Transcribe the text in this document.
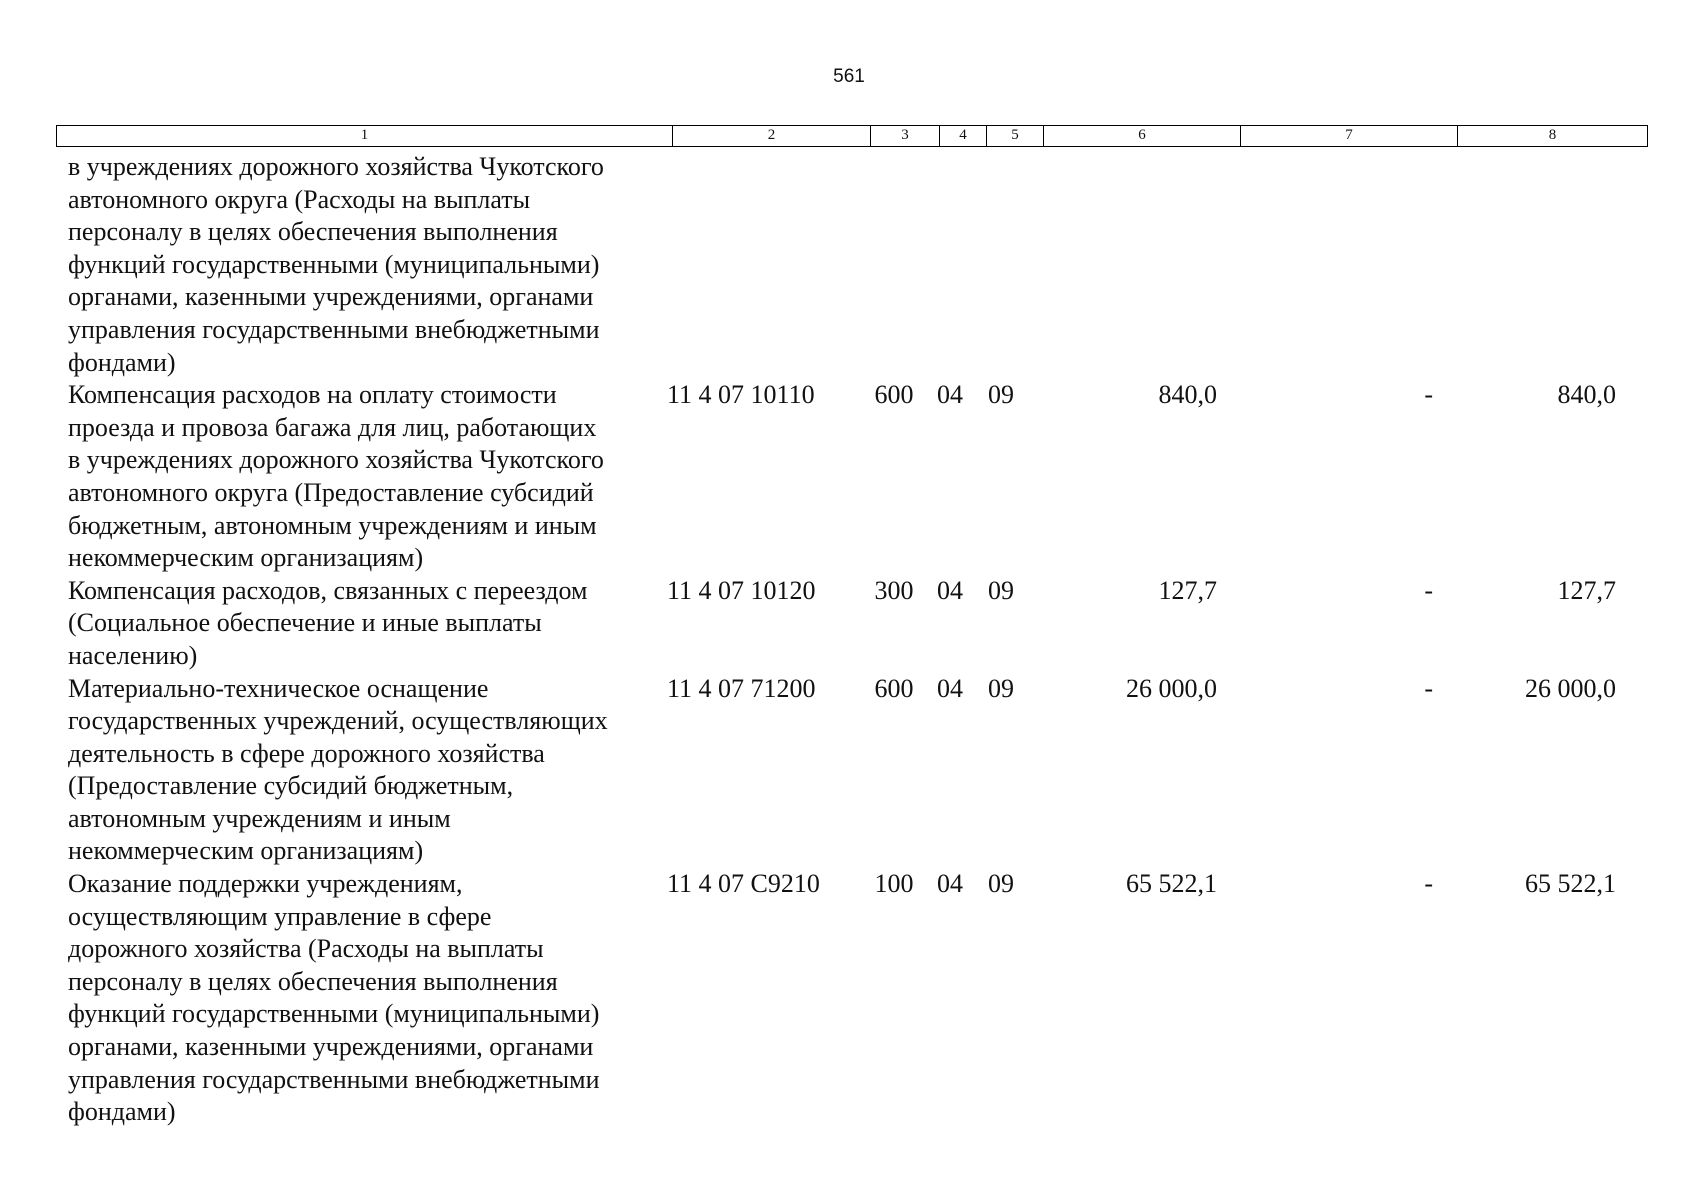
561
1	2	3	4	5	6	7	8
в учреждениях дорожного хозяйства Чукотского
автономного округа (Расходы на выплаты
персоналу в целях обеспечения выполнения
функций государственными (муниципальными)
органами, казенными учреждениями, органами
управления государственными внебюджетными
фондами)
Компенсация расходов на оплату стоимости
проезда и провоза багажа для лиц, работающих
в учреждениях дорожного хозяйства Чукотского
автономного округа (Предоставление субсидий
бюджетным, автономным учреждениям и иным
некоммерческим организациям)
11 4 07 10110	600 04 09	840,0	-	840,0
Компенсация расходов, связанных с переездом
(Социальное обеспечение и иные выплаты
населению)
11 4 07 10120	300 04 09	127,7	-	127,7
Материально-техническое оснащение
государственных учреждений, осуществляющих
деятельность в сфере дорожного хозяйства
(Предоставление субсидий бюджетным,
автономным учреждениям и иным
некоммерческим организациям)
11 4 07 71200	600 04 09	26 000,0	-	26 000,0
Оказание поддержки учреждениям,
осуществляющим управление в сфере
дорожного хозяйства (Расходы на выплаты
персоналу в целях обеспечения выполнения
функций государственными (муниципальными)
органами, казенными учреждениями, органами
управления государственными внебюджетными
фондами)
11 4 07 С9210	100 04 09	65 522,1	-	65 522,1
